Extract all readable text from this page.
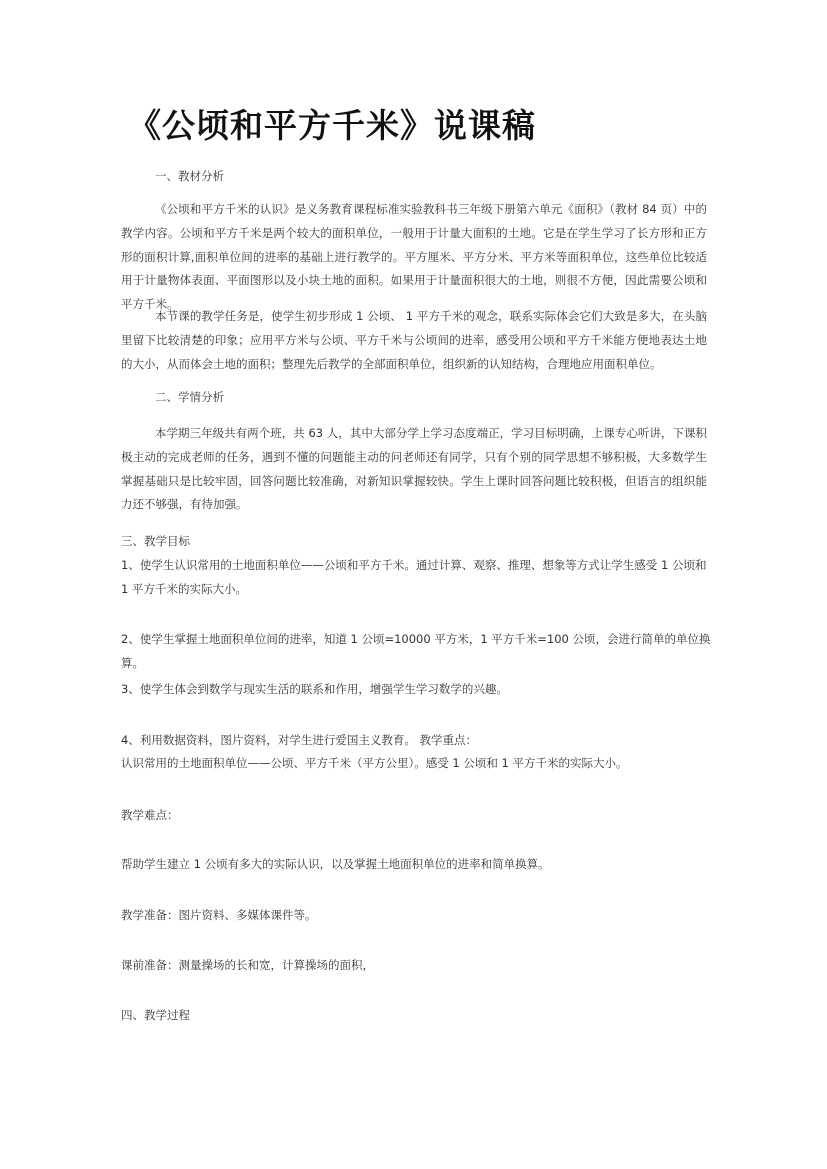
《公顷和平方千米》说课稿

一、教材分析

《公顷和平方千米的认识》是义务教育课程标准实验教科书三年级下册第六单元《面积》（教材 84 页）中的教学内容。公顷和平方千米是两个较大的面积单位，一般用于计量大面积的土地。它是在学生学习了长方形和正方形的面积计算,面积单位间的进率的基础上进行教学的。平方厘米、平方分米、平方米等面积单位，这些单位比较适用于计量物体表面、平面图形以及小块土地的面积。如果用于计量面积很大的土地，则很不方便，因此需要公顷和平方千米。

本节课的教学任务是，使学生初步形成 1 公顷、 1 平方千米的观念，联系实际体会它们大致是多大，在头脑里留下比较清楚的印象；应用平方米与公顷、平方千米与公顷间的进率，感受用公顷和平方千米能方便地表达土地的大小，从而体会土地的面积；整理先后教学的全部面积单位，组织新的认知结构，合理地应用面积单位。

二、学情分析

本学期三年级共有两个班，共 63 人，其中大部分学上学习态度端正，学习目标明确，上课专心听讲，下课积极主动的完成老师的任务，遇到不懂的问题能主动的问老师还有同学，只有个别的同学思想不够积极，大多数学生掌握基础只是比较牢固，回答问题比较准确，对新知识掌握较快。学生上课时回答问题比较积极，但语言的组织能力还不够强，有待加强。

三、教学目标

1、使学生认识常用的土地面积单位——公顷和平方千米。通过计算、观察、推理、想象等方式让学生感受 1 公顷和 1 平方千米的实际大小。

2、使学生掌握土地面积单位间的进率，知道 1 公顷=10000 平方米，1 平方千米=100 公顷，会进行简单的单位换算。

3、使学生体会到数学与现实生活的联系和作用，增强学生学习数学的兴趣。

4、利用数据资料，图片资料，对学生进行爱国主义教育。 教学重点：

认识常用的土地面积单位——公顷、平方千米（平方公里）。感受 1 公顷和 1 平方千米的实际大小。

教学难点：

帮助学生建立 1 公顷有多大的实际认识，以及掌握土地面积单位的进率和简单换算。

教学准备：图片资料、多媒体课件等。

课前准备：测量操场的长和宽，计算操场的面积，

四、教学过程
